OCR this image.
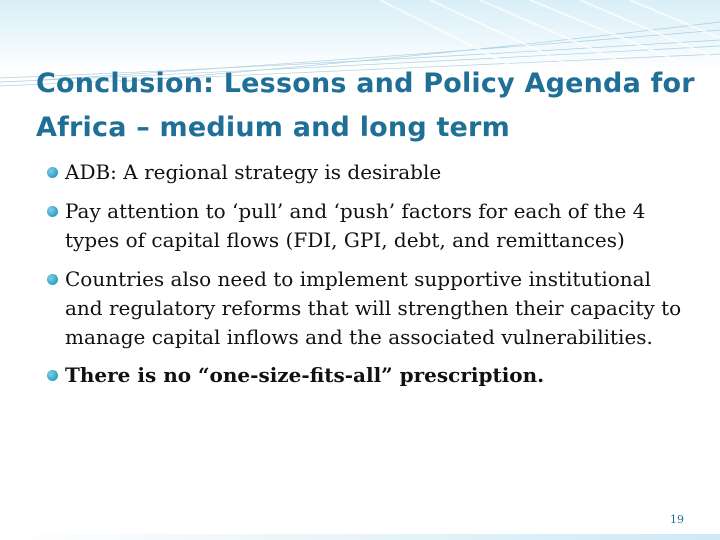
Conclusion: Lessons and Policy Agenda for Africa – medium and long term
ADB: A regional strategy is desirable
Pay attention to ‘pull’ and ‘push’ factors for each of the 4 types of capital flows (FDI, GPI, debt, and remittances)
Countries also need to implement supportive institutional and regulatory reforms that will strengthen their capacity to manage capital inflows and the associated vulnerabilities.
There is no “one-size-fits-all” prescription.
19
